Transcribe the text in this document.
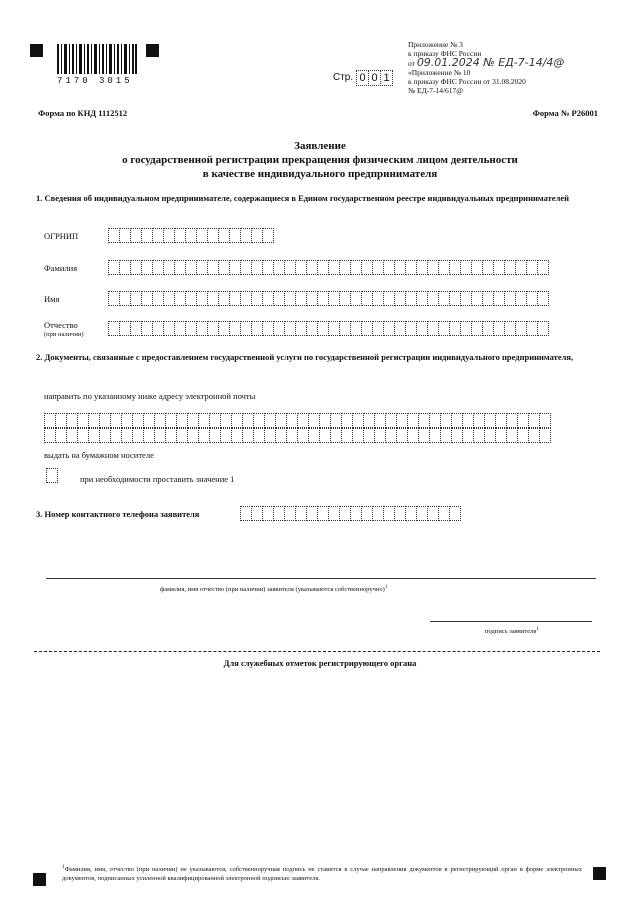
7170 3015
Приложение № 3
к приказу ФНС России
от 09.01.2024 № ЕД-7-14/4@
«Приложение № 10
к приказу ФНС России от 31.08.2020
№ ЕД-7-14/617@
Стр. 0 0 1
Форма по КНД 1112512	Форма № Р26001
Заявление
о государственной регистрации прекращения физическим лицом деятельности
в качестве индивидуального предпринимателя
1. Сведения об индивидуальном предпринимателе, содержащиеся в Едином государственном реестре индивидуальных предпринимателей
ОГРНИП
Фамилия
Имя
Отчество
(при наличии)
2. Документы, связанные с предоставлением государственной услуги по государственной регистрации индивидуального предпринимателя,
направить по указанному ниже адресу электронной почты
выдать на бумажном носителе
при необходимости проставить значение 1
3. Номер контактного телефона заявителя
фамилия, имя отчество (при наличии) заявителя (указываются собственноручно)$^1$
подпись заявителя$^1$
Для служебных отметок регистрирующего органа
$^1$Фамилия, имя, отчество (при наличии) не указываются, собственноручная подпись не ставится в случае направления документов в регистрирующий орган в форме электронных документов, подписанных усиленной квалифицированной электронной подписью заявителя.
